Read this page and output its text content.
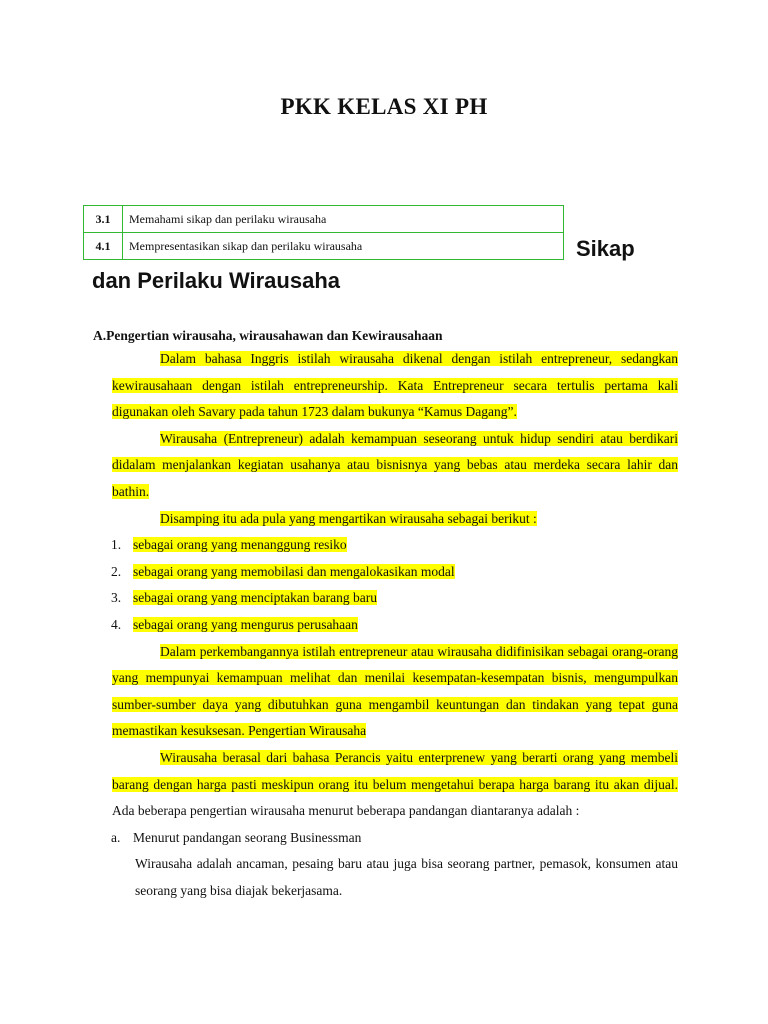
PKK KELAS XI PH
3.1	Memahami sikap dan perilaku wirausaha
4.1	Mempresentasikan sikap dan perilaku wirausaha	Sikap
dan Perilaku Wirausaha
A.Pengertian wirausaha, wirausahawan dan Kewirausahaan

Dalam bahasa Inggris istilah wirausaha dikenal dengan istilah entrepreneur, sedangkan kewirausahaan dengan istilah entrepreneurship. Kata Entrepreneur secara tertulis pertama kali digunakan oleh Savary pada tahun 1723 dalam bukunya “Kamus Dagang”.

Wirausaha (Entrepreneur) adalah kemampuan seseorang untuk hidup sendiri atau berdikari didalam menjalankan kegiatan usahanya atau bisnisnya yang bebas atau merdeka secara lahir dan bathin.

Disamping itu ada pula yang mengartikan wirausaha sebagai berikut :

1. sebagai orang yang menanggung resiko
2. sebagai orang yang memobilasi dan mengalokasikan modal
3. sebagai orang yang menciptakan barang baru
4. sebagai orang yang mengurus perusahaan

Dalam perkembangannya istilah entrepreneur atau wirausaha didifinisikan sebagai orang-orang yang mempunyai kemampuan melihat dan menilai kesempatan-kesempatan bisnis, mengumpulkan sumber-sumber daya yang dibutuhkan guna mengambil keuntungan dan tindakan yang tepat guna memastikan kesuksesan. Pengertian Wirausaha

Wirausaha berasal dari bahasa Perancis yaitu enterprenew yang berarti orang yang membeli barang dengan harga pasti meskipun orang itu belum mengetahui berapa harga barang itu akan dijual. Ada beberapa pengertian wirausaha menurut beberapa pandangan diantaranya adalah :

a. Menurut pandangan seorang Businessman

Wirausaha adalah ancaman, pesaing baru atau juga bisa seorang partner, pemasok, konsumen atau seorang yang bisa diajak bekerjasama.
